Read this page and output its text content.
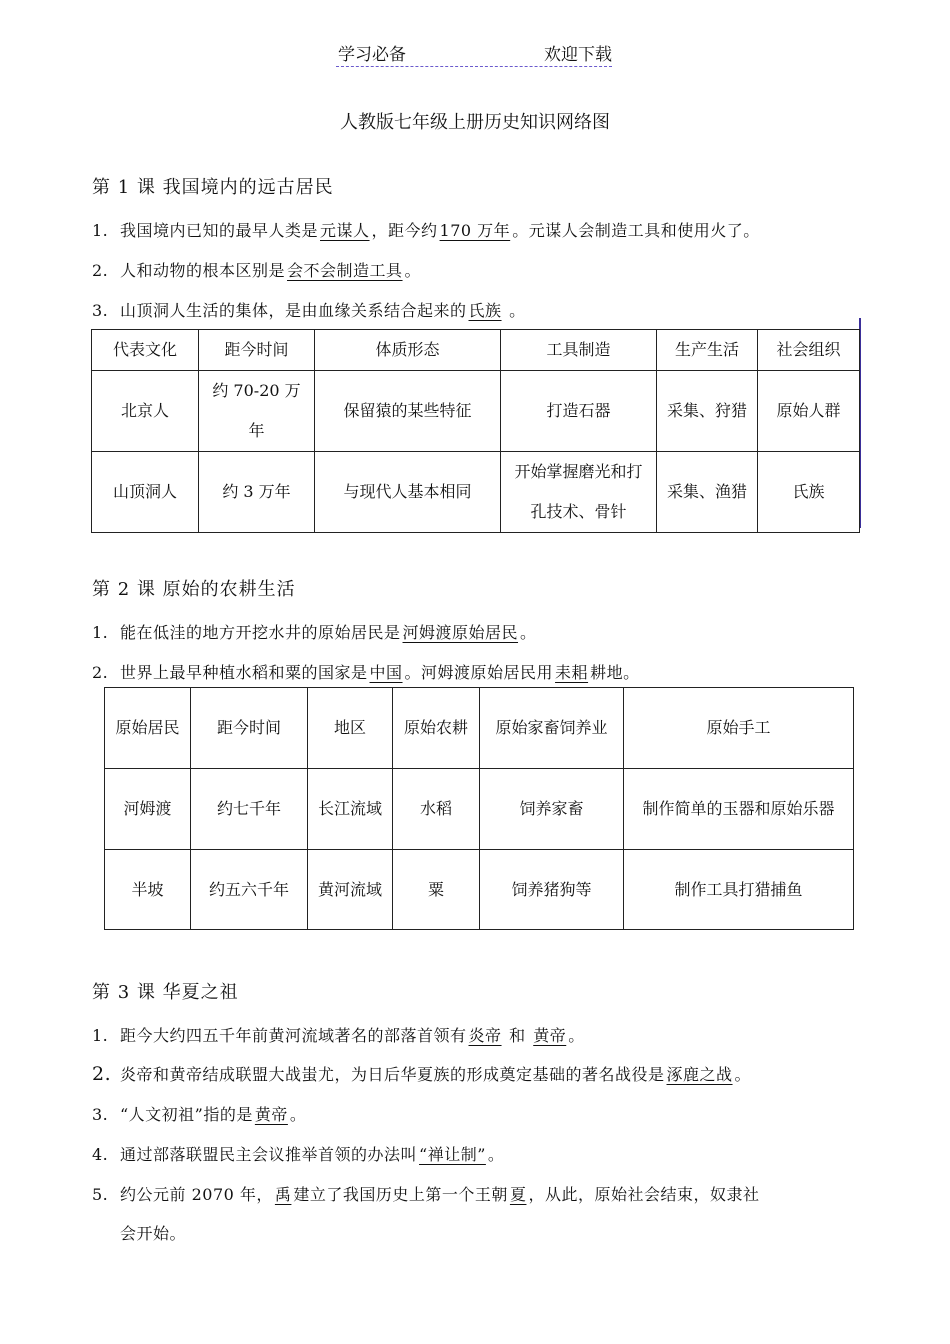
学习必备	欢迎下载
人教版七年级上册历史知识网络图
第 1 课 我国境内的远古居民
1. 我国境内已知的最早人类是 元谋人 ，距今约 170 万年 。元谋人会制造工具和使用火了。
2. 人和动物的根本区别是 会不会制造工具 。
3. 山顶洞人生活的集体，是由血缘关系结合起来的 氏族 。
代表文化	距今时间	体质形态	工具制造	生产生活	社会组织
北京人	约 70-20 万年	保留猿的某些特征	打造石器	采集、狩猎	原始人群
山顶洞人	约 3 万年	与现代人基本相同	开始掌握磨光和打孔技术、骨针	采集、渔猎	氏族
第 2 课 原始的农耕生活
1. 能在低洼的地方开挖水井的原始居民是 河姆渡原始居民 。
2. 世界上最早种植水稻和粟的国家是 中国 。河姆渡原始居民用 耒耜 耕地。
原始居民	距今时间	地区	原始农耕	原始家畜饲养业	原始手工
河姆渡	约七千年	长江流域	水稻	饲养家畜	制作简单的玉器和原始乐器
半坡	约五六千年	黄河流域	粟	饲养猪狗等	制作工具打猎捕鱼
第 3 课 华夏之祖
1. 距今大约四五千年前黄河流域著名的部落首领有 炎帝 和 黄帝 。
2. 炎帝和黄帝结成联盟大战蚩尤，为日后华夏族的形成奠定基础的著名战役是 涿鹿之战 。
3. “人文初祖”指的是 黄帝 。
4. 通过部落联盟民主会议推举首领的办法叫 “禅让制” 。
5. 约公元前 2070 年， 禹 建立了我国历史上第一个王朝 夏 ，从此，原始社会结束，奴隶社
会开始。
